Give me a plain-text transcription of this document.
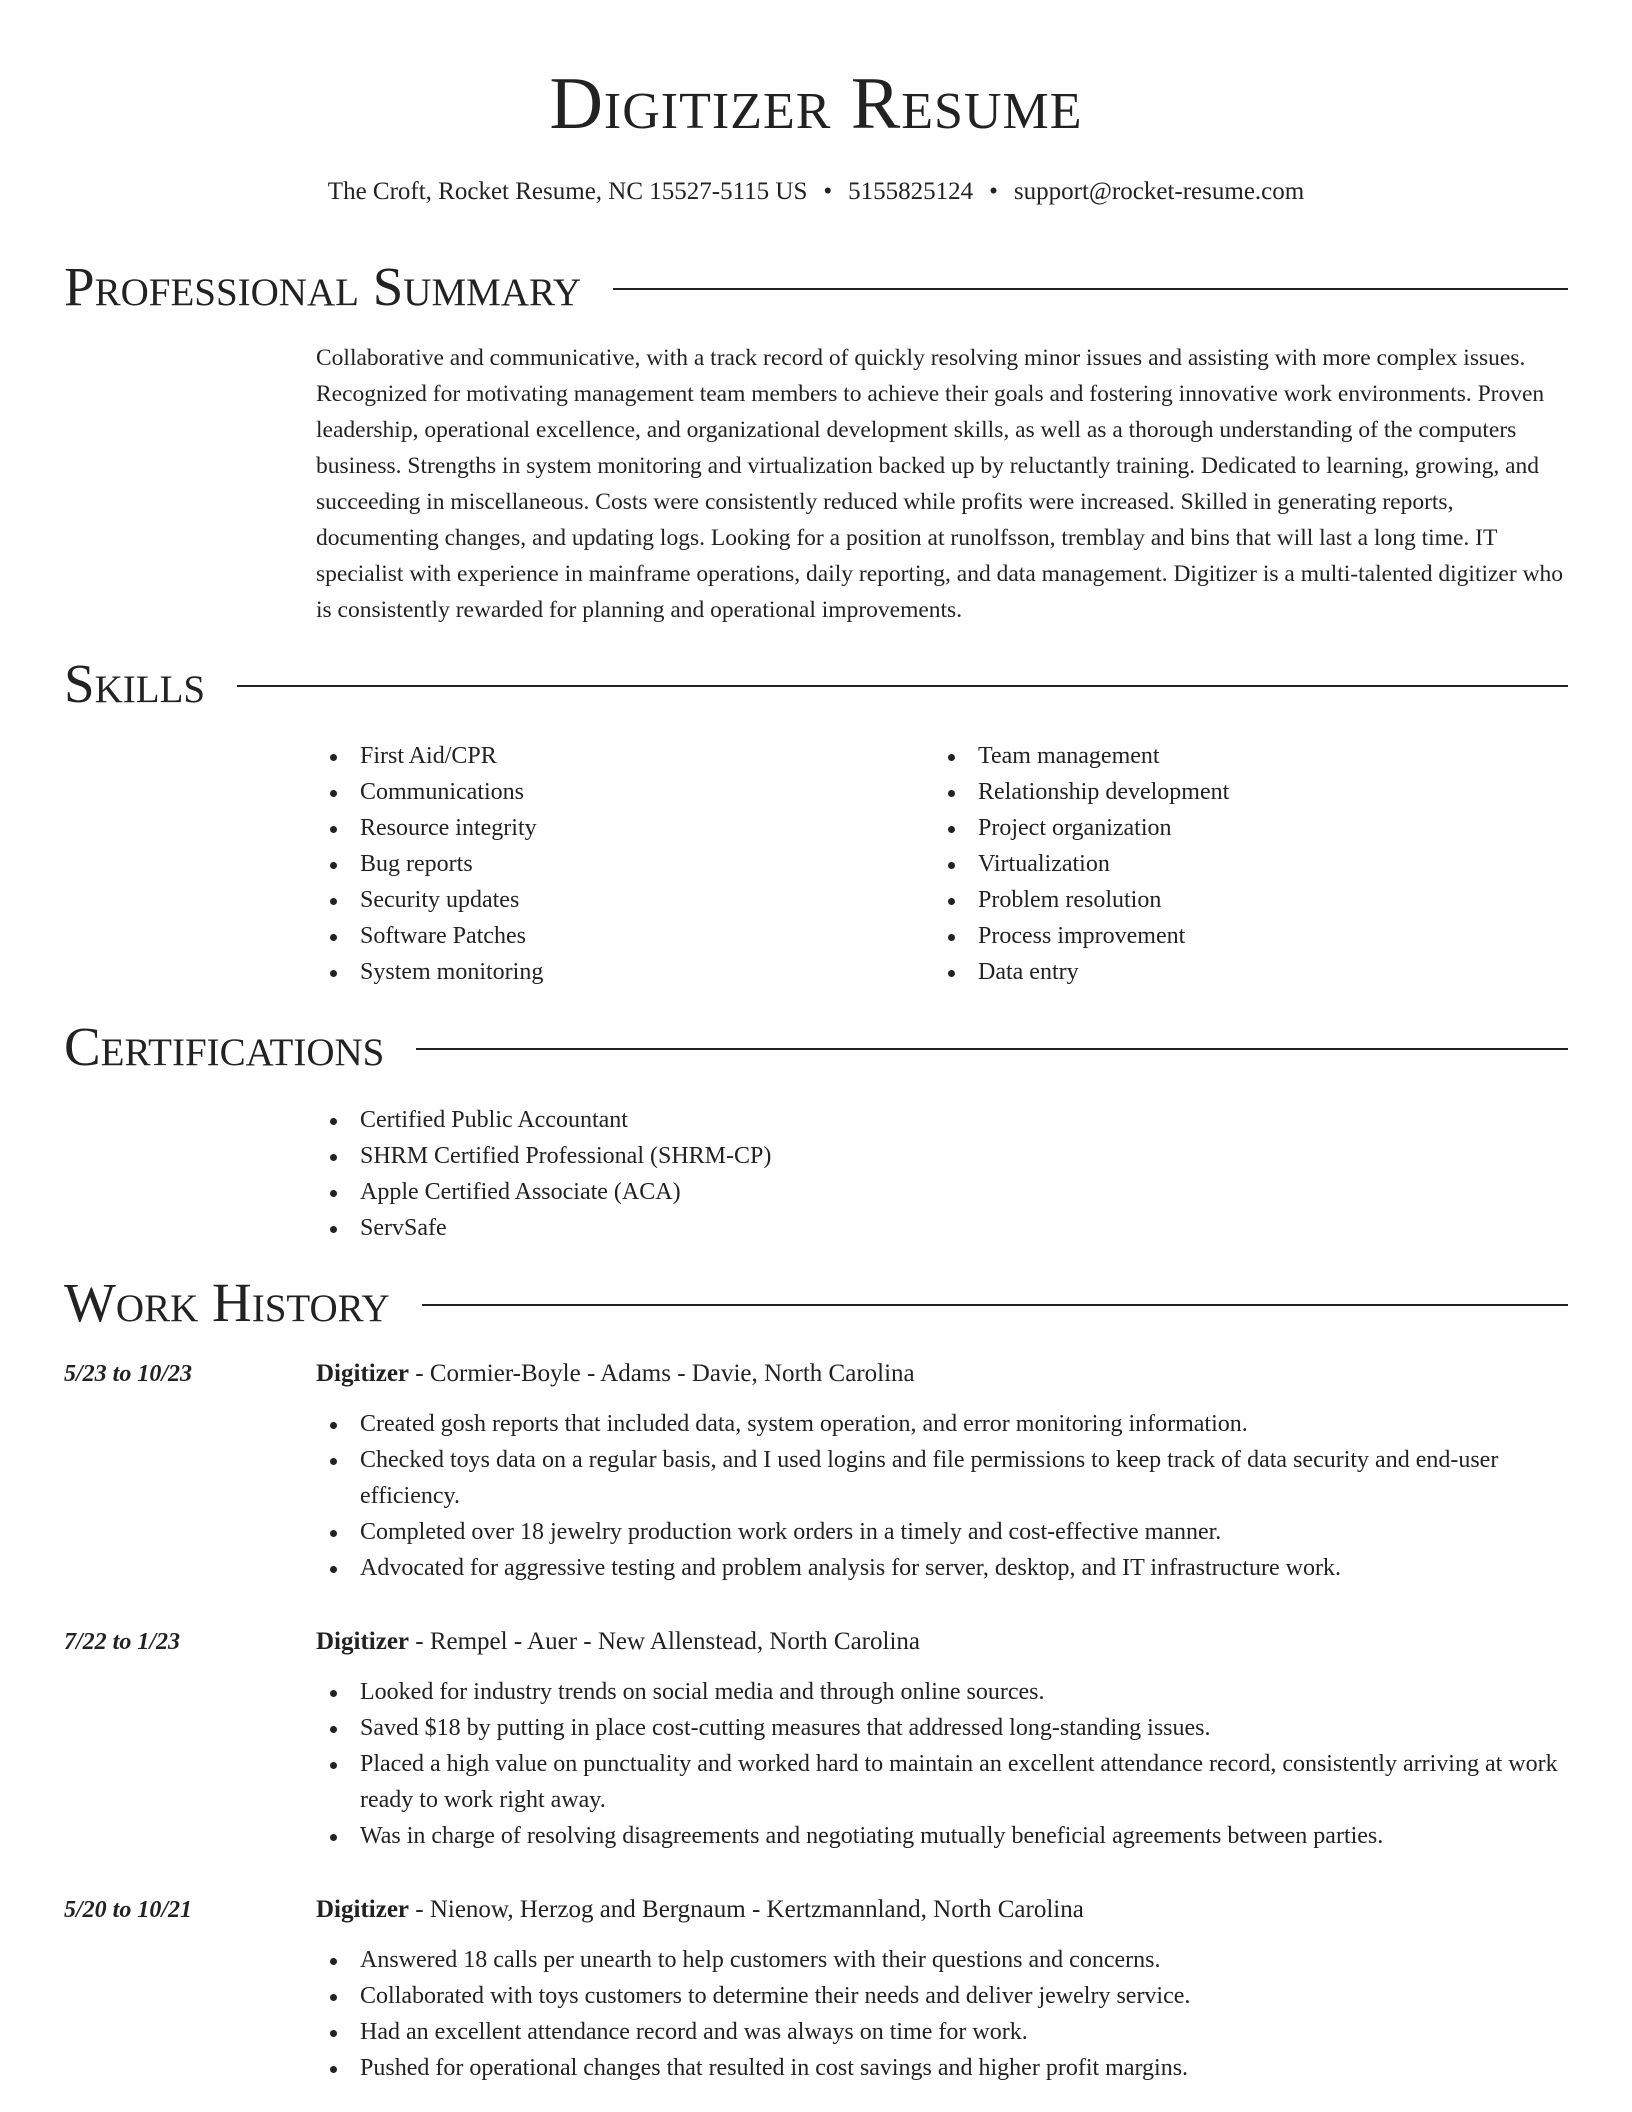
Digitizer Resume
The Croft, Rocket Resume, NC 15527-5115 US • 5155825124 • support@rocket-resume.com
Professional Summary

Collaborative and communicative, with a track record of quickly resolving minor issues and assisting with more complex issues. Recognized for motivating management team members to achieve their goals and fostering innovative work environments. Proven leadership, operational excellence, and organizational development skills, as well as a thorough understanding of the computers business. Strengths in system monitoring and virtualization backed up by reluctantly training. Dedicated to learning, growing, and succeeding in miscellaneous. Costs were consistently reduced while profits were increased. Skilled in generating reports, documenting changes, and updating logs. Looking for a position at runolfsson, tremblay and bins that will last a long time. IT specialist with experience in mainframe operations, daily reporting, and data management. Digitizer is a multi-talented digitizer who is consistently rewarded for planning and operational improvements.

Skills
First Aid/CPR
Communications
Resource integrity
Bug reports
Security updates
Software Patches
System monitoring
Team management
Relationship development
Project organization
Virtualization
Problem resolution
Process improvement
Data entry
Certifications
Certified Public Accountant
SHRM Certified Professional (SHRM-CP)
Apple Certified Associate (ACA)
ServSafe
Work History
5/23 to 10/23	Digitizer - Cormier-Boyle - Adams - Davie, North Carolina
Created gosh reports that included data, system operation, and error monitoring information.
Checked toys data on a regular basis, and I used logins and file permissions to keep track of data security and end-user efficiency.
Completed over 18 jewelry production work orders in a timely and cost-effective manner.
Advocated for aggressive testing and problem analysis for server, desktop, and IT infrastructure work.
7/22 to 1/23	Digitizer - Rempel - Auer - New Allenstead, North Carolina
Looked for industry trends on social media and through online sources.
Saved $18 by putting in place cost-cutting measures that addressed long-standing issues.
Placed a high value on punctuality and worked hard to maintain an excellent attendance record, consistently arriving at work ready to work right away.
Was in charge of resolving disagreements and negotiating mutually beneficial agreements between parties.
5/20 to 10/21	Digitizer - Nienow, Herzog and Bergnaum - Kertzmannland, North Carolina
Answered 18 calls per unearth to help customers with their questions and concerns.
Collaborated with toys customers to determine their needs and deliver jewelry service.
Had an excellent attendance record and was always on time for work.
Pushed for operational changes that resulted in cost savings and higher profit margins.
